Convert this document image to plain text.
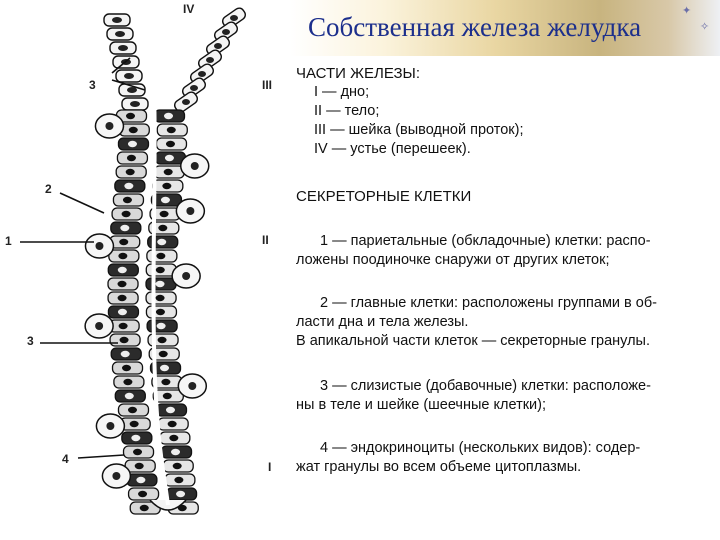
IV
III
II
I
3
2
1
3
4
Собственная железа желудка
✦
✧
ЧАСТИ ЖЕЛЕЗЫ:
I — дно;
II — тело;
III — шейка (выводной проток);
IV — устье (перешеек).
СЕКРЕТОРНЫЕ КЛЕТКИ
1 — париетальные (обкладочные) клетки: распо-
ложены поодиночке снаружи от других клеток;
2 — главные клетки: расположены группами в об-
ласти дна и тела железы.
В апикальной части клеток — секреторные гранулы.
3 — слизистые (добавочные) клетки: расположе-
ны в теле и шейке (шеечные клетки);
4 — эндокриноциты (нескольких видов): содер-
жат гранулы во всем объеме цитоплазмы.
